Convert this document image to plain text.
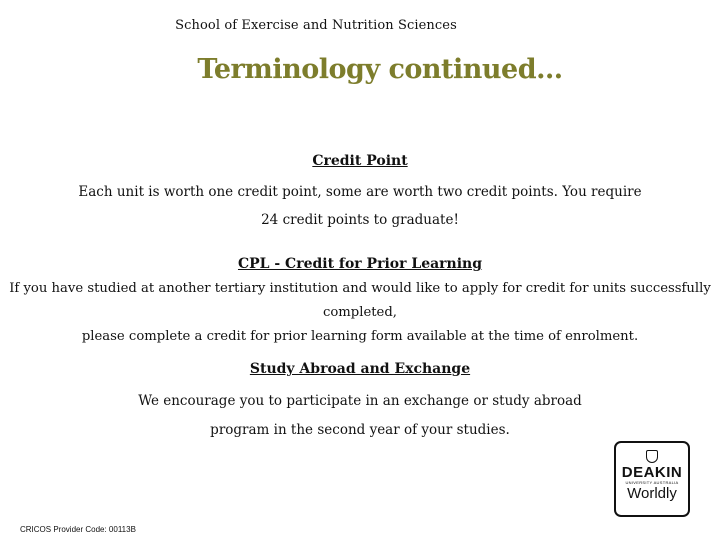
School of Exercise and Nutrition Sciences
Terminology continued…
Credit Point
Each unit is worth one credit point, some are worth two credit points. You require
24 credit points to graduate!
CPL - Credit for Prior Learning
If you have studied at another tertiary institution and would like to apply for credit for units successfully completed,
please complete a credit for prior learning form available at the time of enrolment.
Study Abroad and Exchange
We encourage you to participate in an exchange or study abroad
program in the second year of your studies.
CRICOS Provider Code: 00113B
DEAKIN
UNIVERSITY AUSTRALIA
Worldly
